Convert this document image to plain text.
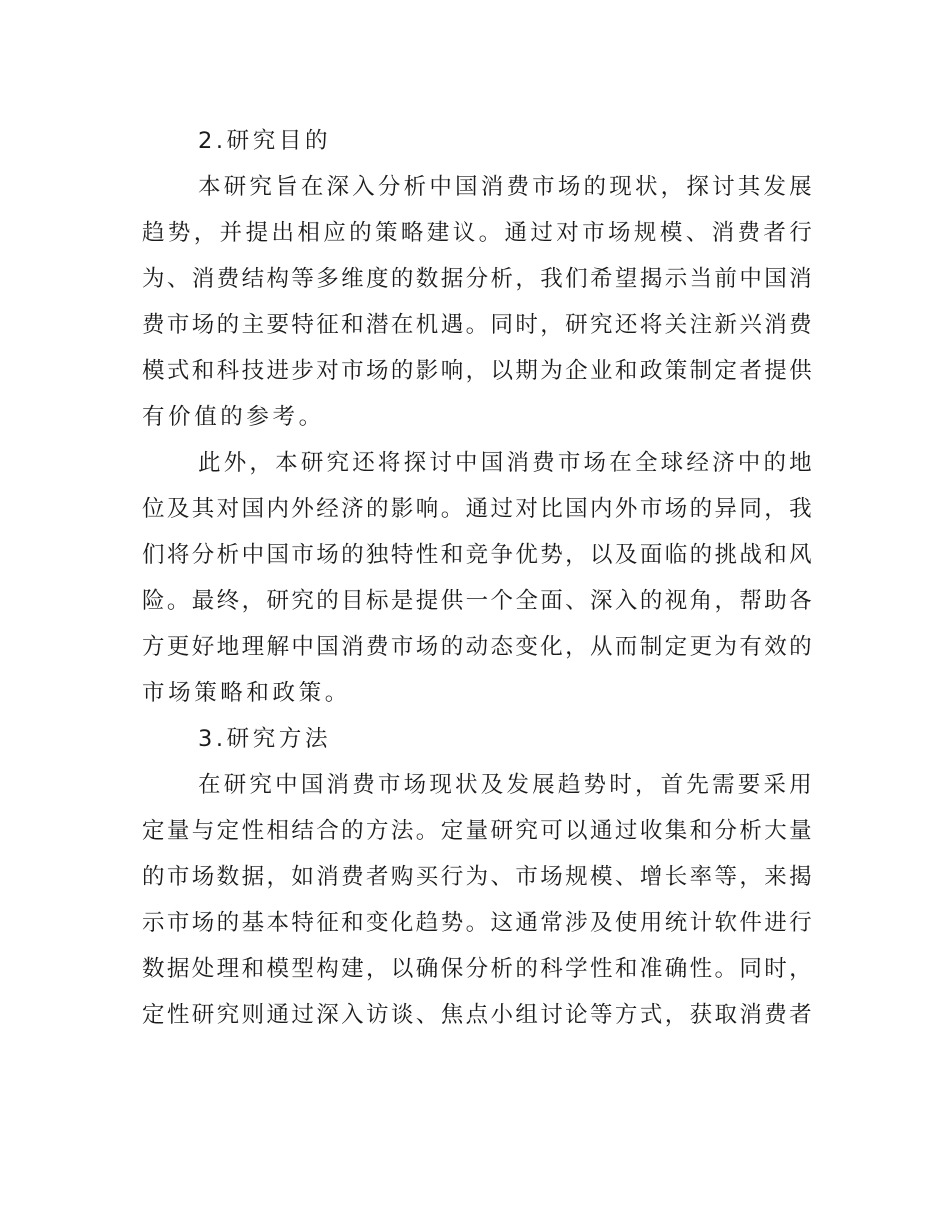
2.研究目的
本 研 究 旨 在 深 入 分 析 中 国 消 费 市 场 的 现 状 ， 探 讨 其 发 展
趋 势 ， 并 提 出 相 应 的 策 略 建 议 。 通 过 对 市 场 规 模 、 消 费 者 行
为 、 消 费 结 构 等 多 维 度 的 数 据 分 析 ， 我 们 希 望 揭 示 当 前 中 国 消
费 市 场 的 主 要 特 征 和 潜 在 机 遇 。 同 时 ， 研 究 还 将 关 注 新 兴 消 费
模 式 和 科 技 进 步 对 市 场 的 影 响 ， 以 期 为 企 业 和 政 策 制 定 者 提 供
有价值的参考。
此 外 ， 本 研 究 还 将 探 讨 中 国 消 费 市 场 在 全 球 经 济 中 的 地
位 及 其 对 国 内 外 经 济 的 影 响 。 通 过 对 比 国 内 外 市 场 的 异 同 ， 我
们 将 分 析 中 国 市 场 的 独 特 性 和 竞 争 优 势 ， 以 及 面 临 的 挑 战 和 风
险 。 最 终 ， 研 究 的 目 标 是 提 供 一 个 全 面 、 深 入 的 视 角 ， 帮 助 各
方 更 好 地 理 解 中 国 消 费 市 场 的 动 态 变 化 ， 从 而 制 定 更 为 有 效 的
市场策略和政策。
3.研究方法
在 研 究 中 国 消 费 市 场 现 状 及 发 展 趋 势 时 ， 首 先 需 要 采 用
定 量 与 定 性 相 结 合 的 方 法 。 定 量 研 究 可 以 通 过 收 集 和 分 析 大 量
的 市 场 数 据 ， 如 消 费 者 购 买 行 为 、 市 场 规 模 、 增 长 率 等 ， 来 揭
示 市 场 的 基 本 特 征 和 变 化 趋 势 。 这 通 常 涉 及 使 用 统 计 软 件 进 行
数 据 处 理 和 模 型 构 建 ， 以 确 保 分 析 的 科 学 性 和 准 确 性 。 同 时 ，
定 性 研 究 则 通 过 深 入 访 谈 、 焦 点 小 组 讨 论 等 方 式 ， 获 取 消 费 者
